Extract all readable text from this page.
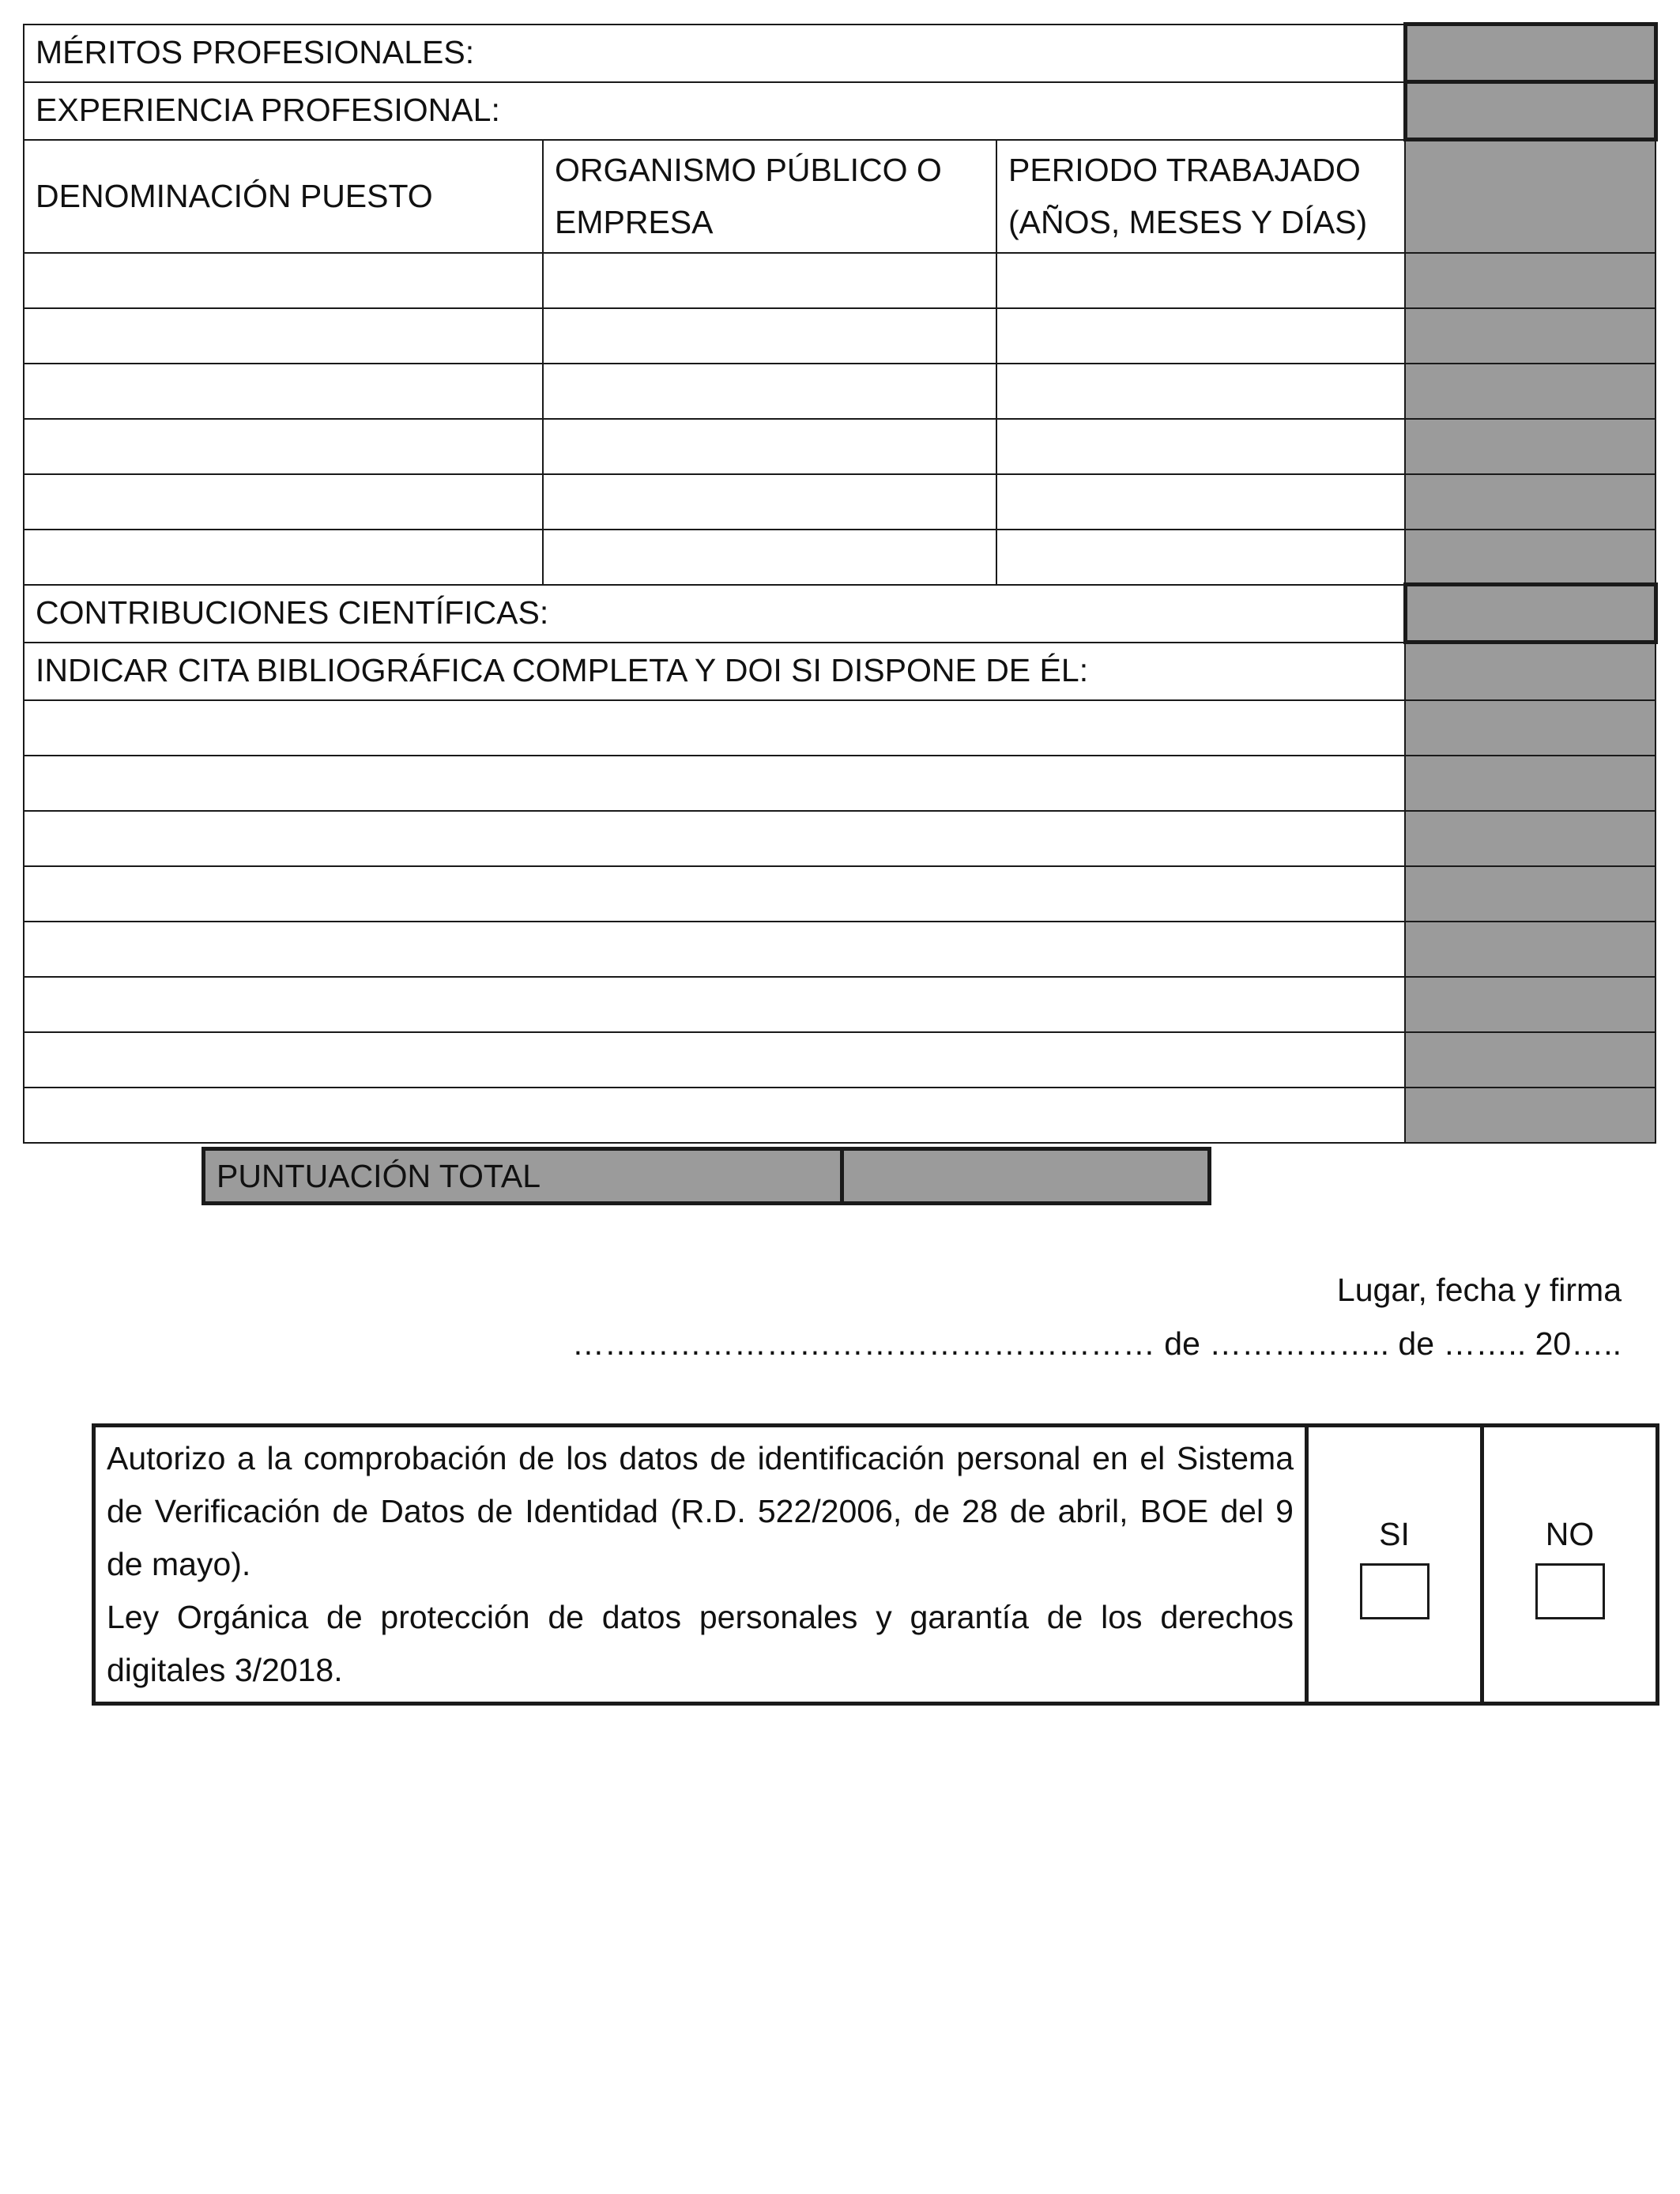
MÉRITOS PROFESIONALES:			
EXPERIENCIA PROFESIONAL:			
DENOMINACIÓN PUESTO	ORGANISMO PÚBLICO O EMPRESA	PERIODO TRABAJADO (AÑOS, MESES Y DÍAS)	

CONTRIBUCIONES CIENTÍFICAS:			
INDICAR CITA BIBLIOGRÁFICA COMPLETA Y DOI SI DISPONE DE ÉL:			

PUNTUACIÓN TOTAL	
Lugar, fecha y firma
……………………………………………… de …………….. de …….. 20…..
Autorizo a la comprobación de los datos de identificación personal en el Sistema de Verificación de Datos de Identidad (R.D. 522/2006, de 28 de abril, BOE del 9 de mayo).
Ley Orgánica de protección de datos personales y garantía de los derechos digitales 3/2018.

SI	NO
